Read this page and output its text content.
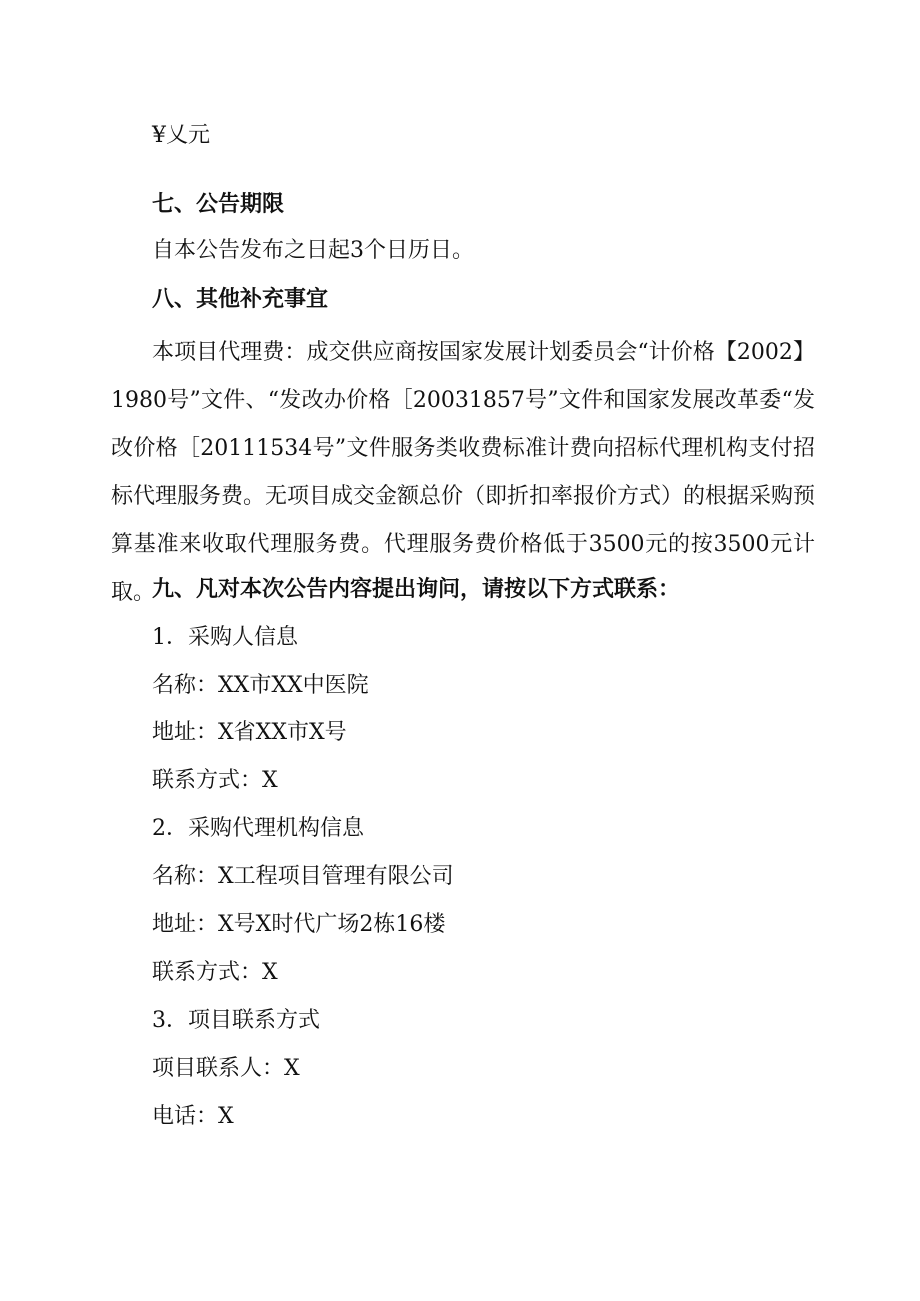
¥乂元
七、公告期限
自本公告发布之日起3个日历日。
八、其他补充事宜
本项目代理费：成交供应商按国家发展计划委员会“计价格【2002】1980号”文件、“发改办价格［20031857号”文件和国家发展改革委“发改价格［20111534号”文件服务类收费标准计费向招标代理机构支付招标代理服务费。无项目成交金额总价（即折扣率报价方式）的根据采购预算基准来收取代理服务费。代理服务费价格低于3500元的按3500元计取。
九、凡对本次公告内容提出询问，请按以下方式联系：
1．采购人信息
名称：XX市XX中医院
地址：X省XX市X号
联系方式：X
2．采购代理机构信息
名称：X工程项目管理有限公司
地址：X号X时代广场2栋16楼
联系方式：X
3．项目联系方式
项目联系人：X
电话：X
